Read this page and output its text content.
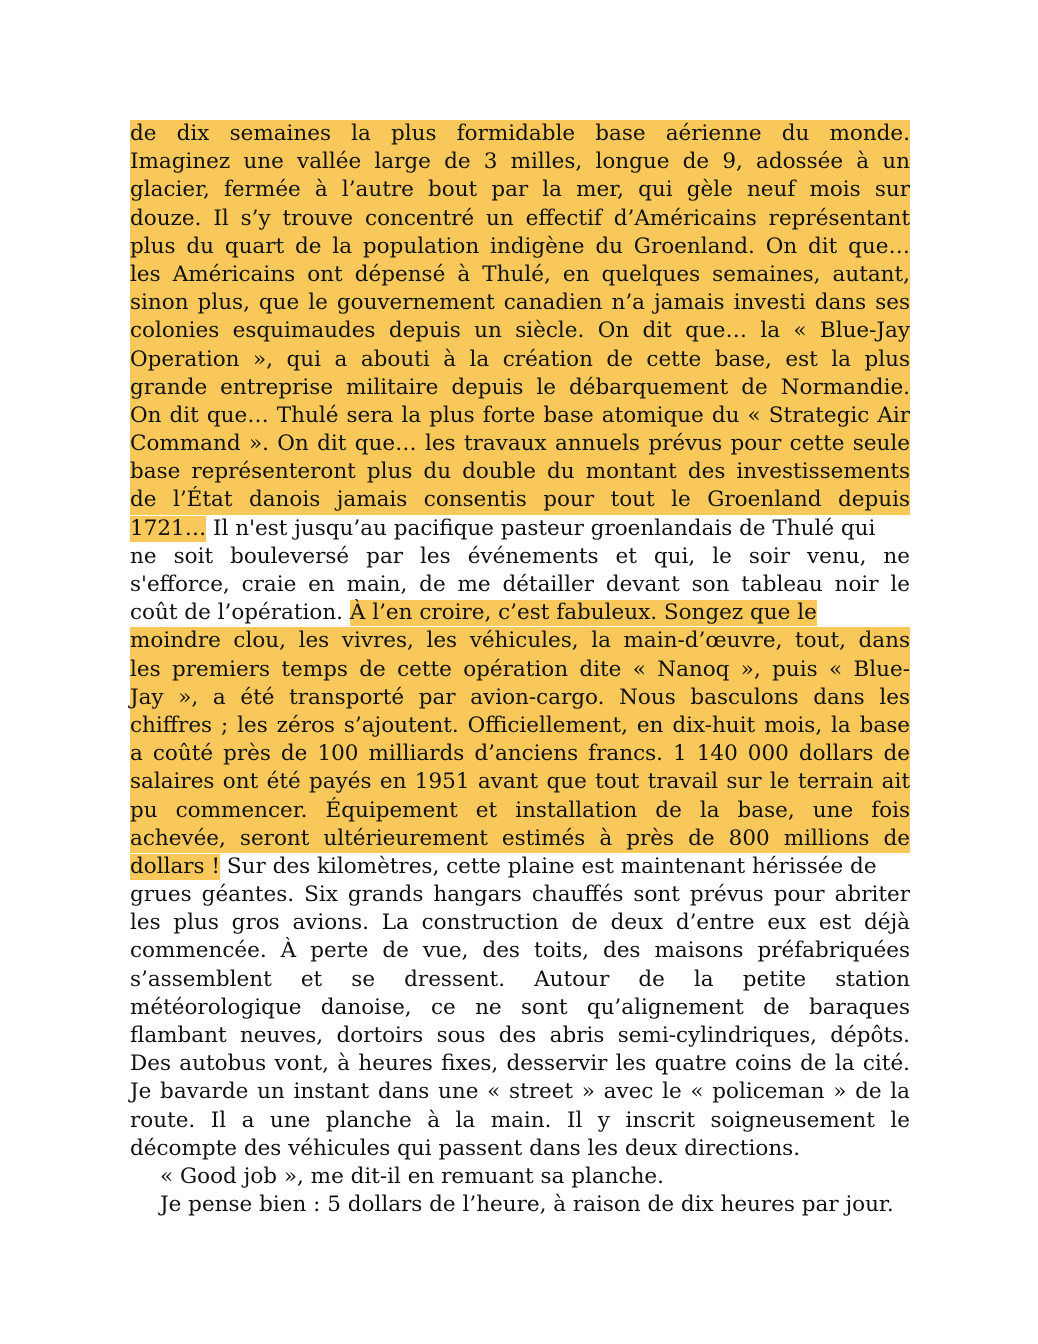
de dix semaines la plus formidable base aérienne du monde.
Imaginez une vallée large de 3 milles, longue de 9, adossée à un
glacier, fermée à l’autre bout par la mer, qui gèle neuf mois sur
douze. Il s’y trouve concentré un effectif d’Américains représentant
plus du quart de la population indigène du Groenland. On dit que…
les Américains ont dépensé à Thulé, en quelques semaines, autant,
sinon plus, que le gouvernement canadien n’a jamais investi dans ses
colonies esquimaudes depuis un siècle. On dit que… la « Blue-Jay
Operation », qui a abouti à la création de cette base, est la plus
grande entreprise militaire depuis le débarquement de Normandie.
On dit que… Thulé sera la plus forte base atomique du « Strategic Air
Command ». On dit que… les travaux annuels prévus pour cette seule
base représenteront plus du double du montant des investissements
de l’État danois jamais consentis pour tout le Groenland depuis
1721… Il n'est jusqu’au pacifique pasteur groenlandais de Thulé qui
ne soit bouleversé par les événements et qui, le soir venu, ne
s'efforce, craie en main, de me détailler devant son tableau noir le
coût de l’opération. À l’en croire, c’est fabuleux. Songez que le
moindre clou, les vivres, les véhicules, la main-d’œuvre, tout, dans
les premiers temps de cette opération dite « Nanoq », puis « Blue-
Jay », a été transporté par avion-cargo. Nous basculons dans les
chiffres ; les zéros s’ajoutent. Officiellement, en dix-huit mois, la base
a coûté près de 100 milliards d’anciens francs. 1 140 000 dollars de
salaires ont été payés en 1951 avant que tout travail sur le terrain ait
pu commencer. Équipement et installation de la base, une fois
achevée, seront ultérieurement estimés à près de 800 millions de
dollars ! Sur des kilomètres, cette plaine est maintenant hérissée de
grues géantes. Six grands hangars chauffés sont prévus pour abriter
les plus gros avions. La construction de deux d’entre eux est déjà
commencée. À perte de vue, des toits, des maisons préfabriquées
s’assemblent et se dressent. Autour de la petite station
météorologique danoise, ce ne sont qu’alignement de baraques
flambant neuves, dortoirs sous des abris semi-cylindriques, dépôts.
Des autobus vont, à heures fixes, desservir les quatre coins de la cité.
Je bavarde un instant dans une « street » avec le « policeman » de la
route. Il a une planche à la main. Il y inscrit soigneusement le
décompte des véhicules qui passent dans les deux directions.
« Good job », me dit-il en remuant sa planche.
Je pense bien : 5 dollars de l’heure, à raison de dix heures par jour.
